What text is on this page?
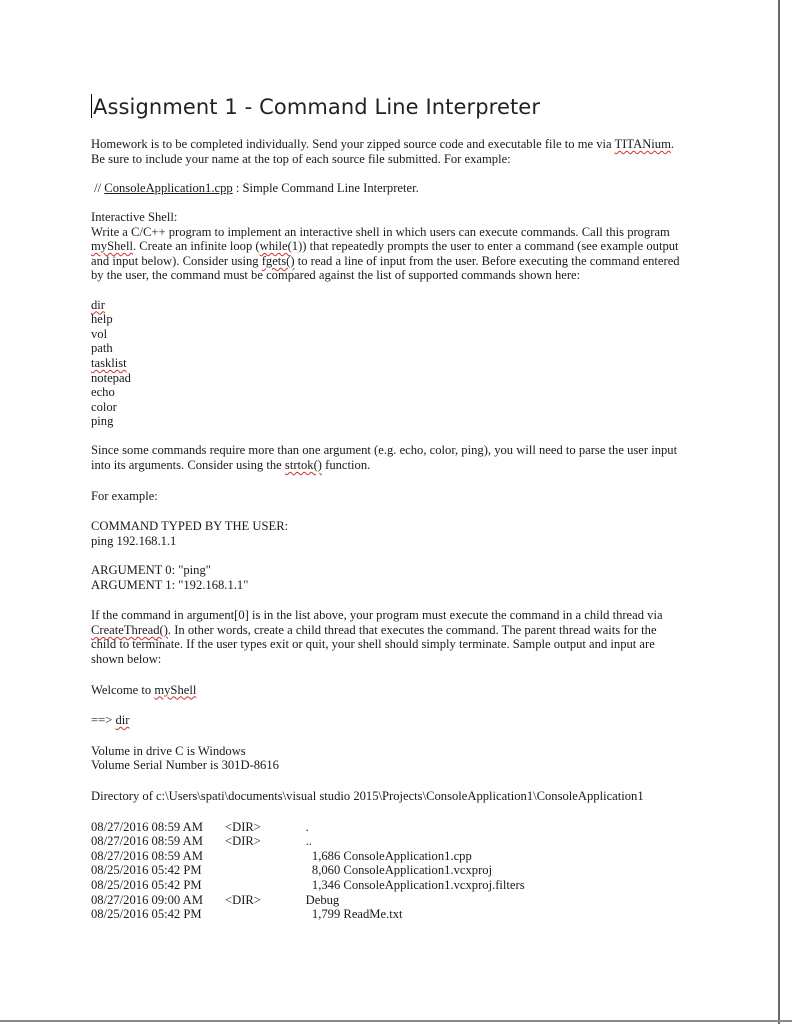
Assignment 1 - Command Line Interpreter

Homework is to be completed individually. Send your zipped source code and executable file to me via TITANium.

Be sure to include your name at the top of each source file submitted. For example:

// ConsoleApplication1.cpp : Simple Command Line Interpreter.

Interactive Shell:

Write a C/C++ program to implement an interactive shell in which users can execute commands. Call this program

myShell. Create an infinite loop (while(1)) that repeatedly prompts the user to enter a command (see example output

and input below). Consider using fgets() to read a line of input from the user. Before executing the command entered

by the user, the command must be compared against the list of supported commands shown here:

dir

help

vol

path

tasklist

notepad

echo

color

ping

Since some commands require more than one argument (e.g. echo, color, ping), you will need to parse the user input

into its arguments. Consider using the strtok() function.

For example:

COMMAND TYPED BY THE USER:

ping 192.168.1.1

ARGUMENT 0: "ping"

ARGUMENT 1: "192.168.1.1"

If the command in argument[0] is in the list above, your program must execute the command in a child thread via

CreateThread(). In other words, create a child thread that executes the command. The parent thread waits for the

child to terminate. If the user types exit or quit, your shell should simply terminate. Sample output and input are

shown below:

Welcome to myShell

==> dir

Volume in drive C is Windows

Volume Serial Number is 301D-8616

Directory of c:\Users\spati\documents\visual studio 2015\Projects\ConsoleApplication1\ConsoleApplication1

08/27/2016 08:59 AM	<DIR> .
08/27/2016 08:59 AM	<DIR> ..
08/27/2016 08:59 AM	1,686 ConsoleApplication1.cpp
08/25/2016 05:42 PM	8,060 ConsoleApplication1.vcxproj
08/25/2016 05:42 PM	1,346 ConsoleApplication1.vcxproj.filters
08/27/2016 09:00 AM	<DIR> Debug
08/25/2016 05:42 PM	1,799 ReadMe.txt
